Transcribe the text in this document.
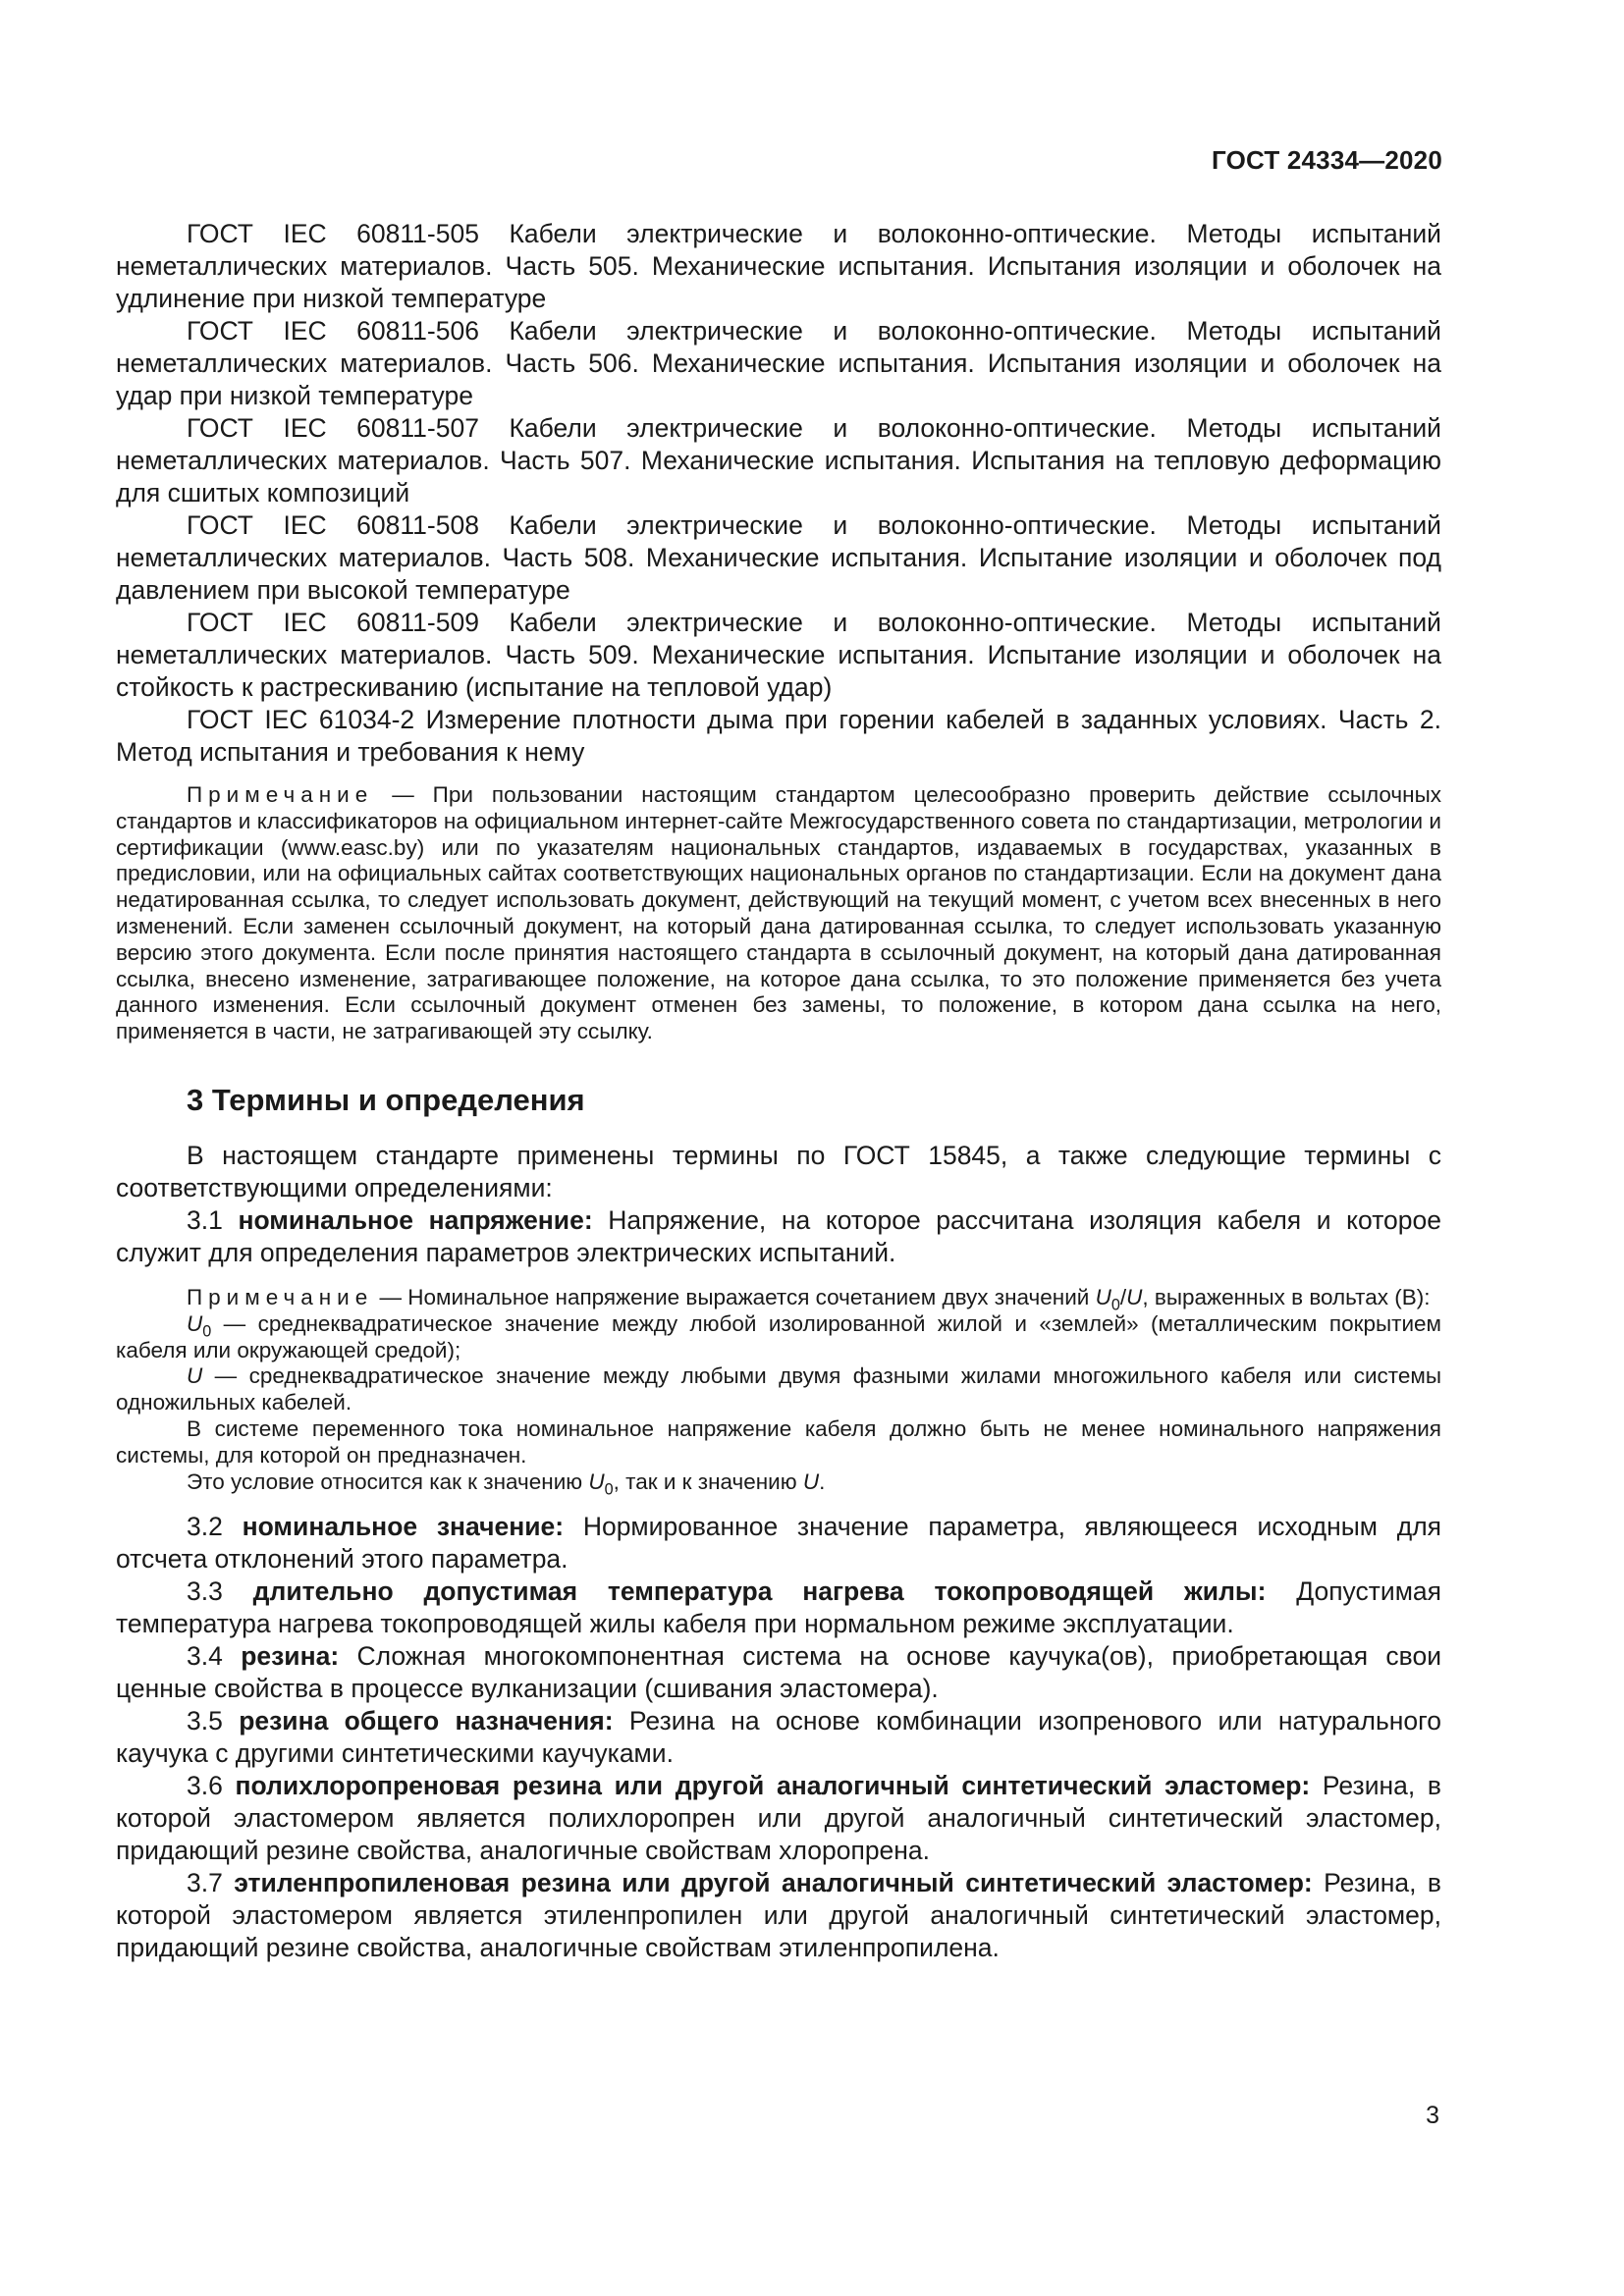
ГОСТ 24334—2020

ГОСТ IEC 60811-505 Кабели электрические и волоконно-оптические. Методы испытаний неметаллических материалов. Часть 505. Механические испытания. Испытания изоляции и оболочек на удлинение при низкой температуре

ГОСТ IEC 60811-506 Кабели электрические и волоконно-оптические. Методы испытаний неметаллических материалов. Часть 506. Механические испытания. Испытания изоляции и оболочек на удар при низкой температуре

ГОСТ IEC 60811-507 Кабели электрические и волоконно-оптические. Методы испытаний неметаллических материалов. Часть 507. Механические испытания. Испытания на тепловую деформацию для сшитых композиций

ГОСТ IEC 60811-508 Кабели электрические и волоконно-оптические. Методы испытаний неметаллических материалов. Часть 508. Механические испытания. Испытание изоляции и оболочек под давлением при высокой температуре

ГОСТ IEC 60811-509 Кабели электрические и волоконно-оптические. Методы испытаний неметаллических материалов. Часть 509. Механические испытания. Испытание изоляции и оболочек на стойкость к растрескиванию (испытание на тепловой удар)

ГОСТ IEC 61034-2 Измерение плотности дыма при горении кабелей в заданных условиях. Часть 2. Метод испытания и требования к нему

Примечание — При пользовании настоящим стандартом целесообразно проверить действие ссылочных стандартов и классификаторов на официальном интернет-сайте Межгосударственного совета по стандартизации, метрологии и сертификации (www.easc.by) или по указателям национальных стандартов, издаваемых в государствах, указанных в предисловии, или на официальных сайтах соответствующих национальных органов по стандартизации. Если на документ дана недатированная ссылка, то следует использовать документ, действующий на текущий момент, с учетом всех внесенных в него изменений. Если заменен ссылочный документ, на который дана датированная ссылка, то следует использовать указанную версию этого документа. Если после принятия настоящего стандарта в ссылочный документ, на который дана датированная ссылка, внесено изменение, затрагивающее положение, на которое дана ссылка, то это положение применяется без учета данного изменения. Если ссылочный документ отменен без замены, то положение, в котором дана ссылка на него, применяется в части, не затрагивающей эту ссылку.

3 Термины и определения

В настоящем стандарте применены термины по ГОСТ 15845, а также следующие термины с соответствующими определениями:

3.1 номинальное напряжение: Напряжение, на которое рассчитана изоляция кабеля и которое служит для определения параметров электрических испытаний.

Примечание — Номинальное напряжение выражается сочетанием двух значений $U_0/U$, выраженных в вольтах (В):

$U_0$ — среднеквадратическое значение между любой изолированной жилой и «землей» (металлическим покрытием кабеля или окружающей средой);

U — среднеквадратическое значение между любыми двумя фазными жилами многожильного кабеля или системы одножильных кабелей.

В системе переменного тока номинальное напряжение кабеля должно быть не менее номинального напряжения системы, для которой он предназначен.

Это условие относится как к значению $U_0$, так и к значению U.

3.2 номинальное значение: Нормированное значение параметра, являющееся исходным для отсчета отклонений этого параметра.

3.3 длительно допустимая температура нагрева токопроводящей жилы: Допустимая температура нагрева токопроводящей жилы кабеля при нормальном режиме эксплуатации.

3.4 резина: Сложная многокомпонентная система на основе каучука(ов), приобретающая свои ценные свойства в процессе вулканизации (сшивания эластомера).

3.5 резина общего назначения: Резина на основе комбинации изопренового или натурального каучука с другими синтетическими каучуками.

3.6 полихлоропреновая резина или другой аналогичный синтетический эластомер: Резина, в которой эластомером является полихлоропрен или другой аналогичный синтетический эластомер, придающий резине свойства, аналогичные свойствам хлоропрена.

3.7 этиленпропиленовая резина или другой аналогичный синтетический эластомер: Резина, в которой эластомером является этиленпропилен или другой аналогичный синтетический эластомер, придающий резине свойства, аналогичные свойствам этиленпропилена.

3
